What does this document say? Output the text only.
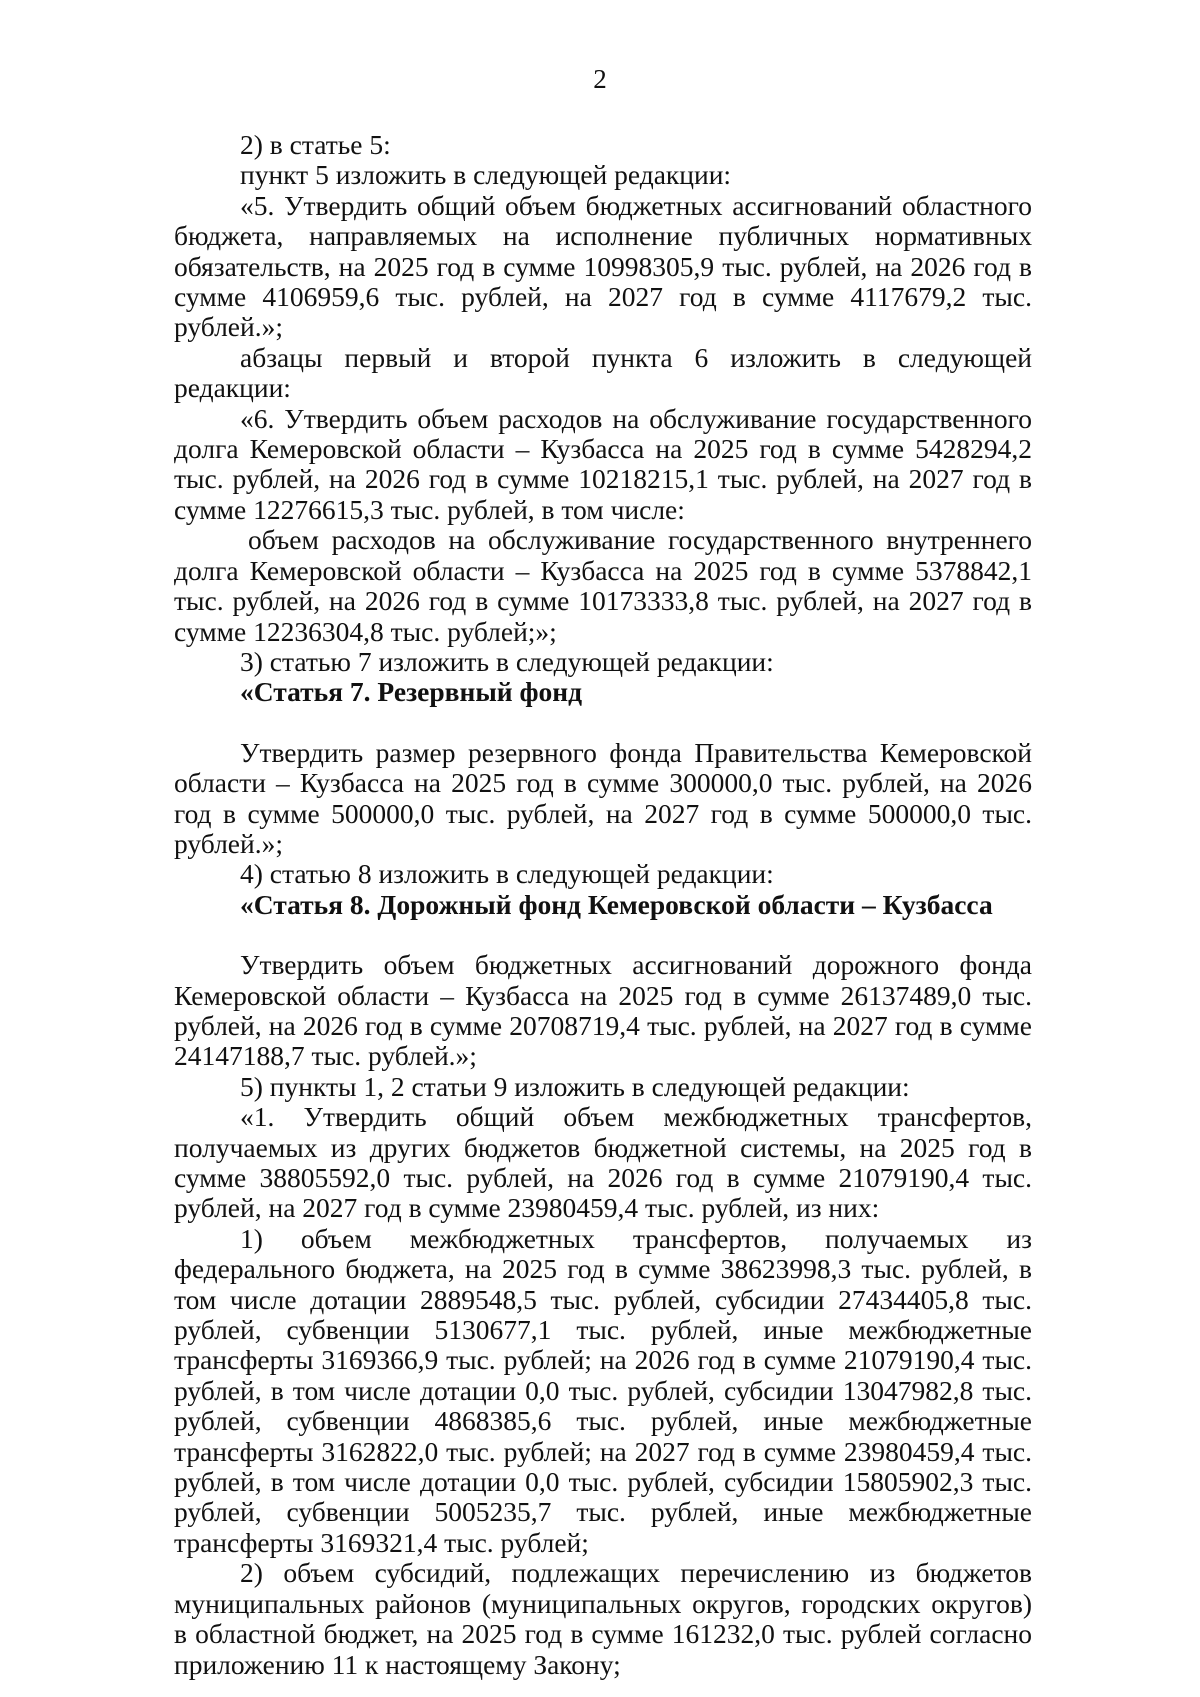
2

2) в статье 5:

пункт 5 изложить в следующей редакции:

«5. Утвердить общий объем бюджетных ассигнований областного бюджета, направляемых на исполнение публичных нормативных обязательств, на 2025 год в сумме 10998305,9 тыс. рублей, на 2026 год в сумме 4106959,6 тыс. рублей, на 2027 год в сумме 4117679,2 тыс. рублей.»;

абзацы первый и второй пункта 6 изложить в следующей редакции:

«6. Утвердить объем расходов на обслуживание государственного долга Кемеровской области – Кузбасса на 2025 год в сумме 5428294,2 тыс. рублей, на 2026 год в сумме 10218215,1 тыс. рублей, на 2027 год в сумме 12276615,3 тыс. рублей, в том числе:

объем расходов на обслуживание государственного внутреннего долга Кемеровской области – Кузбасса на 2025 год в сумме 5378842,1 тыс. рублей, на 2026 год в сумме 10173333,8 тыс. рублей, на 2027 год в сумме 12236304,8 тыс. рублей;»;

3) статью 7 изложить в следующей редакции:

«Статья 7. Резервный фонд

Утвердить размер резервного фонда Правительства Кемеровской области – Кузбасса на 2025 год в сумме 300000,0 тыс. рублей, на 2026 год в сумме 500000,0 тыс. рублей, на 2027 год в сумме 500000,0 тыс. рублей.»;

4) статью 8 изложить в следующей редакции:

«Статья 8. Дорожный фонд Кемеровской области – Кузбасса

Утвердить объем бюджетных ассигнований дорожного фонда Кемеровской области – Кузбасса на 2025 год в сумме 26137489,0 тыс. рублей, на 2026 год в сумме 20708719,4 тыс. рублей, на 2027 год в сумме 24147188,7 тыс. рублей.»;

5) пункты 1, 2 статьи 9 изложить в следующей редакции:

«1. Утвердить общий объем межбюджетных трансфертов, получаемых из других бюджетов бюджетной системы, на 2025 год в сумме 38805592,0 тыс. рублей, на 2026 год в сумме 21079190,4 тыс. рублей, на 2027 год в сумме 23980459,4 тыс. рублей, из них:

1) объем межбюджетных трансфертов, получаемых из федерального бюджета, на 2025 год в сумме 38623998,3 тыс. рублей, в том числе дотации 2889548,5 тыс. рублей, субсидии 27434405,8 тыс. рублей, субвенции 5130677,1 тыс. рублей, иные межбюджетные трансферты 3169366,9 тыс. рублей; на 2026 год в сумме 21079190,4 тыс. рублей, в том числе дотации 0,0 тыс. рублей, субсидии 13047982,8 тыс. рублей, субвенции 4868385,6 тыс. рублей, иные межбюджетные трансферты 3162822,0 тыс. рублей; на 2027 год в сумме 23980459,4 тыс. рублей, в том числе дотации 0,0 тыс. рублей, субсидии 15805902,3 тыс. рублей, субвенции 5005235,7 тыс. рублей, иные межбюджетные трансферты 3169321,4 тыс. рублей;

2) объем субсидий, подлежащих перечислению из бюджетов муниципальных районов (муниципальных округов, городских округов) в областной бюджет, на 2025 год в сумме 161232,0 тыс. рублей согласно приложению 11 к настоящему Закону;
